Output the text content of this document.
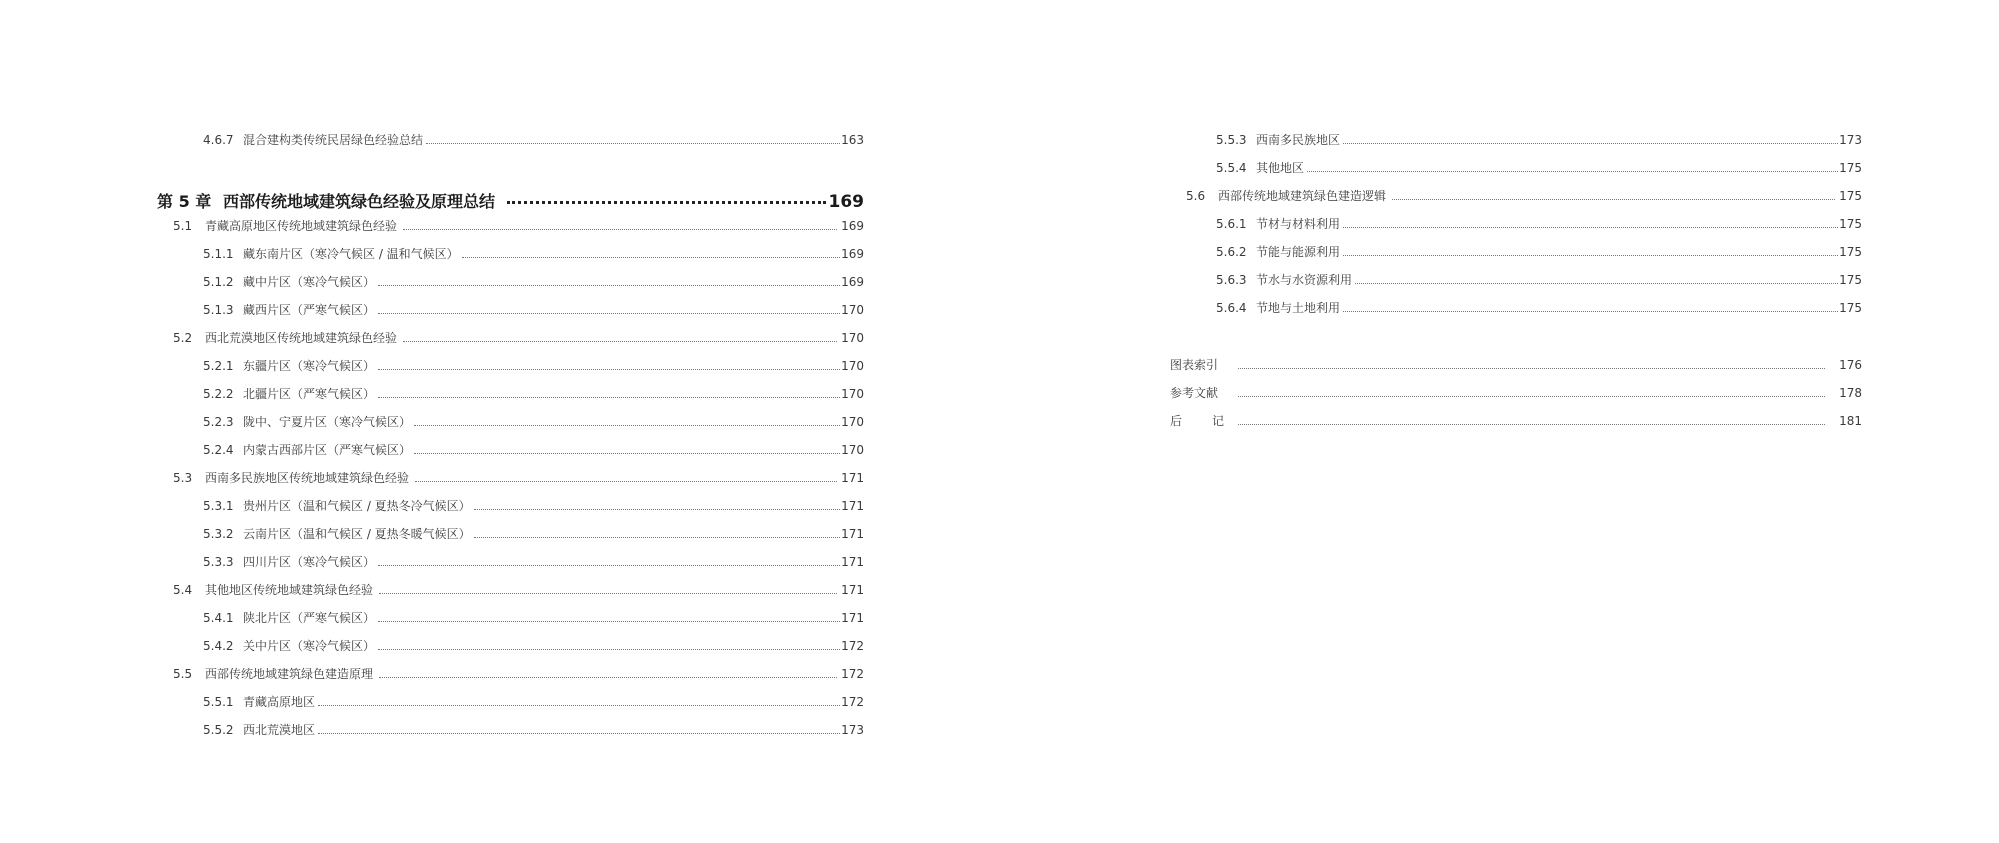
4.6.7 混合建构类传统民居绿色经验总结	163
第 5 章 西部传统地域建筑绿色经验及原理总结	169
5.1	青藏高原地区传统地域建筑绿色经验	169
5.1.1 藏东南片区（寒冷气候区 / 温和气候区）	169
5.1.2 藏中片区（寒冷气候区）	169
5.1.3 藏西片区（严寒气候区）	170
5.2	西北荒漠地区传统地域建筑绿色经验	170
5.2.1 东疆片区（寒冷气候区）	170
5.2.2 北疆片区（严寒气候区）	170
5.2.3 陇中、宁夏片区（寒冷气候区）	170
5.2.4 内蒙古西部片区（严寒气候区）	170
5.3	西南多民族地区传统地域建筑绿色经验	171
5.3.1 贵州片区（温和气候区 / 夏热冬冷气候区）	171
5.3.2 云南片区（温和气候区 / 夏热冬暖气候区）	171
5.3.3 四川片区（寒冷气候区）	171
5.4	其他地区传统地域建筑绿色经验	171
5.4.1 陕北片区（严寒气候区）	171
5.4.2 关中片区（寒冷气候区）	172
5.5	西部传统地域建筑绿色建造原理	172
5.5.1 青藏高原地区	172
5.5.2 西北荒漠地区	173
5.5.3 西南多民族地区	173
5.5.4 其他地区	175
5.6	西部传统地域建筑绿色建造逻辑	175
5.6.1 节材与材料利用	175
5.6.2 节能与能源利用	175
5.6.3 节水与水资源利用	175
5.6.4 节地与土地利用	175
图表索引	176
参考文献	178
后记	181
